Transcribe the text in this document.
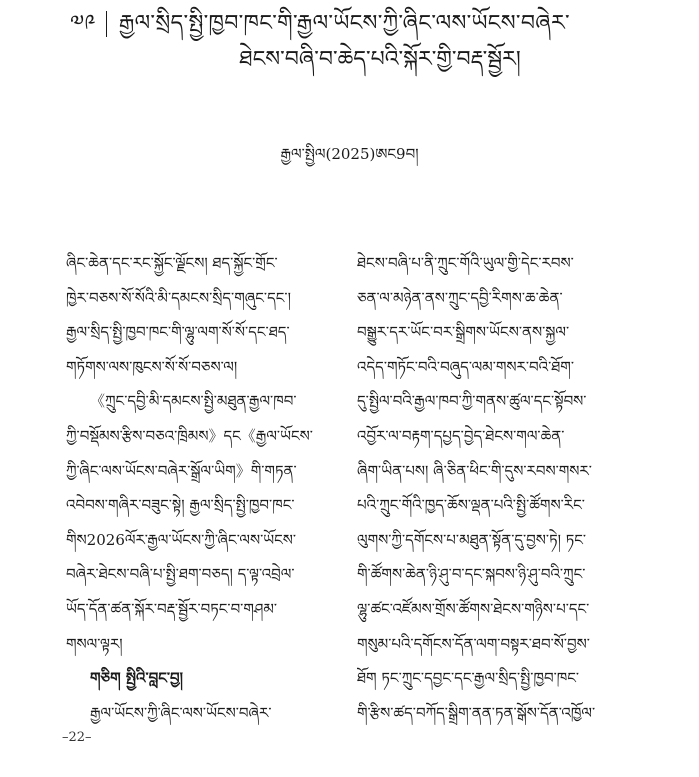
༧༩ རྒྱལ་སྲིད་སྤྱི་ཁྱབ་ཁང་གི་རྒྱལ་ཡོངས་ཀྱི་ཞིང་ལས་ཡོངས་བཞེར་
ཐེངས་བཞི་བ་ཆེད་པའི་སྐོར་གྱི་བརྡ་སྦྱོར།
རྒྱལ་སྤྱིལ(2025)ཨང9བ།
ཞིང་ཆེན་དང་རང་སྐྱོང་ལྗོངས། ཐད་སྐྱོང་གྲོང་
ཁྱེར་བཅས་སོ་སོའི་མི་དམངས་སྲིད་གཞུང་དང་།
རྒྱལ་སྲིད་སྤྱི་ཁྱབ་ཁང་གི་ལྷུ་ལག་སོ་སོ་དང་ཐད་
གཏོགས་ལས་ཁུངས་སོ་སོ་བཅས་ལ།
《ཀྲུང་དབྱི་མི་དམངས་སྤྱི་མཐུན་རྒྱལ་ཁབ་
ཀྱི་བསྡོམས་རྩིས་བཅའ་ཁྲིམས》དང《རྒྱལ་ཡོངས་
ཀྱི་ཞིང་ལས་ཡོངས་བཞེར་སྒྲོལ་ཡིག》གི་གཏན་
འབེབས་གཞིར་བཟུང་སྟེ། རྒྱལ་སྲིད་སྤྱི་ཁྱབ་ཁང་
གིས2026ལོར་རྒྱལ་ཡོངས་ཀྱི་ཞིང་ལས་ཡོངས་
བཞེར་ཐེངས་བཞི་པ་སྤྱི་ཐག་བཅད། ད་ལྟ་འབྲེལ་
ཡོད་དོན་ཚན་སྐོར་བརྡ་སྦྱོར་བཏང་བ་གཤམ་
གསལ་ལྟར།
གཅིག སྤྱིའི་བླང་བྱ།
རྒྱལ་ཡོངས་ཀྱི་ཞིང་ལས་ཡོངས་བཞེར་
ཐེངས་བཞི་པ་ནི་ཀྲུང་གོའི་ཡུལ་གྱི་དེང་རབས་
ཅན་ལ་མཉེན་ནས་ཀྲུང་དབྱི་རིགས་ཆ་ཆེན་
བསྒྱུར་དར་ཡོང་བར་སྒྲིགས་ཡོངས་ནས་སྐྱལ་
འདེད་གཏོང་བའི་བཞུད་ལམ་གསར་བའི་ཐོག་
དུ་སྤྱིལ་བའི་རྒྱལ་ཁབ་ཀྱི་གནས་ཚུལ་དང་སྟོབས་
འབྱོར་ལ་བརྟག་དཔྱད་བྱེད་ཐེངས་གལ་ཆེན་
ཞིག་ཡིན་པས། ཞི་ཅིན་ཕིང་གི་དུས་རབས་གསར་
པའི་ཀྲུང་གོའི་ཁྱད་ཆོས་ལྡན་པའི་སྤྱི་ཚོགས་རིང་
ལུགས་ཀྱི་དགོངས་པ་མཐུན་སྟོན་དུ་བྱས་ཏེ། ཏང་
གི་ཚོགས་ཆེན་ཉི་ཤུ་བ་དང་སྐབས་ཉི་ཤུ་བའི་ཀྲུང་
ལྷུ་ཚང་འཛོམས་གྲོས་ཚོགས་ཐེངས་གཉིས་པ་དང་
གསུམ་པའི་དགོངས་དོན་ལག་བསྟར་ཐབ་སོ་བྱས་
ཐོག ཏང་ཀྲུང་དབྱང་དང་རྒྱལ་སྲིད་སྤྱི་ཁྱབ་ཁང་
གི་རྩིས་ཚད་བཀོད་སྒྲིག་ནན་ཏན་སྒོས་དོན་འཁྱོལ་
–22–
